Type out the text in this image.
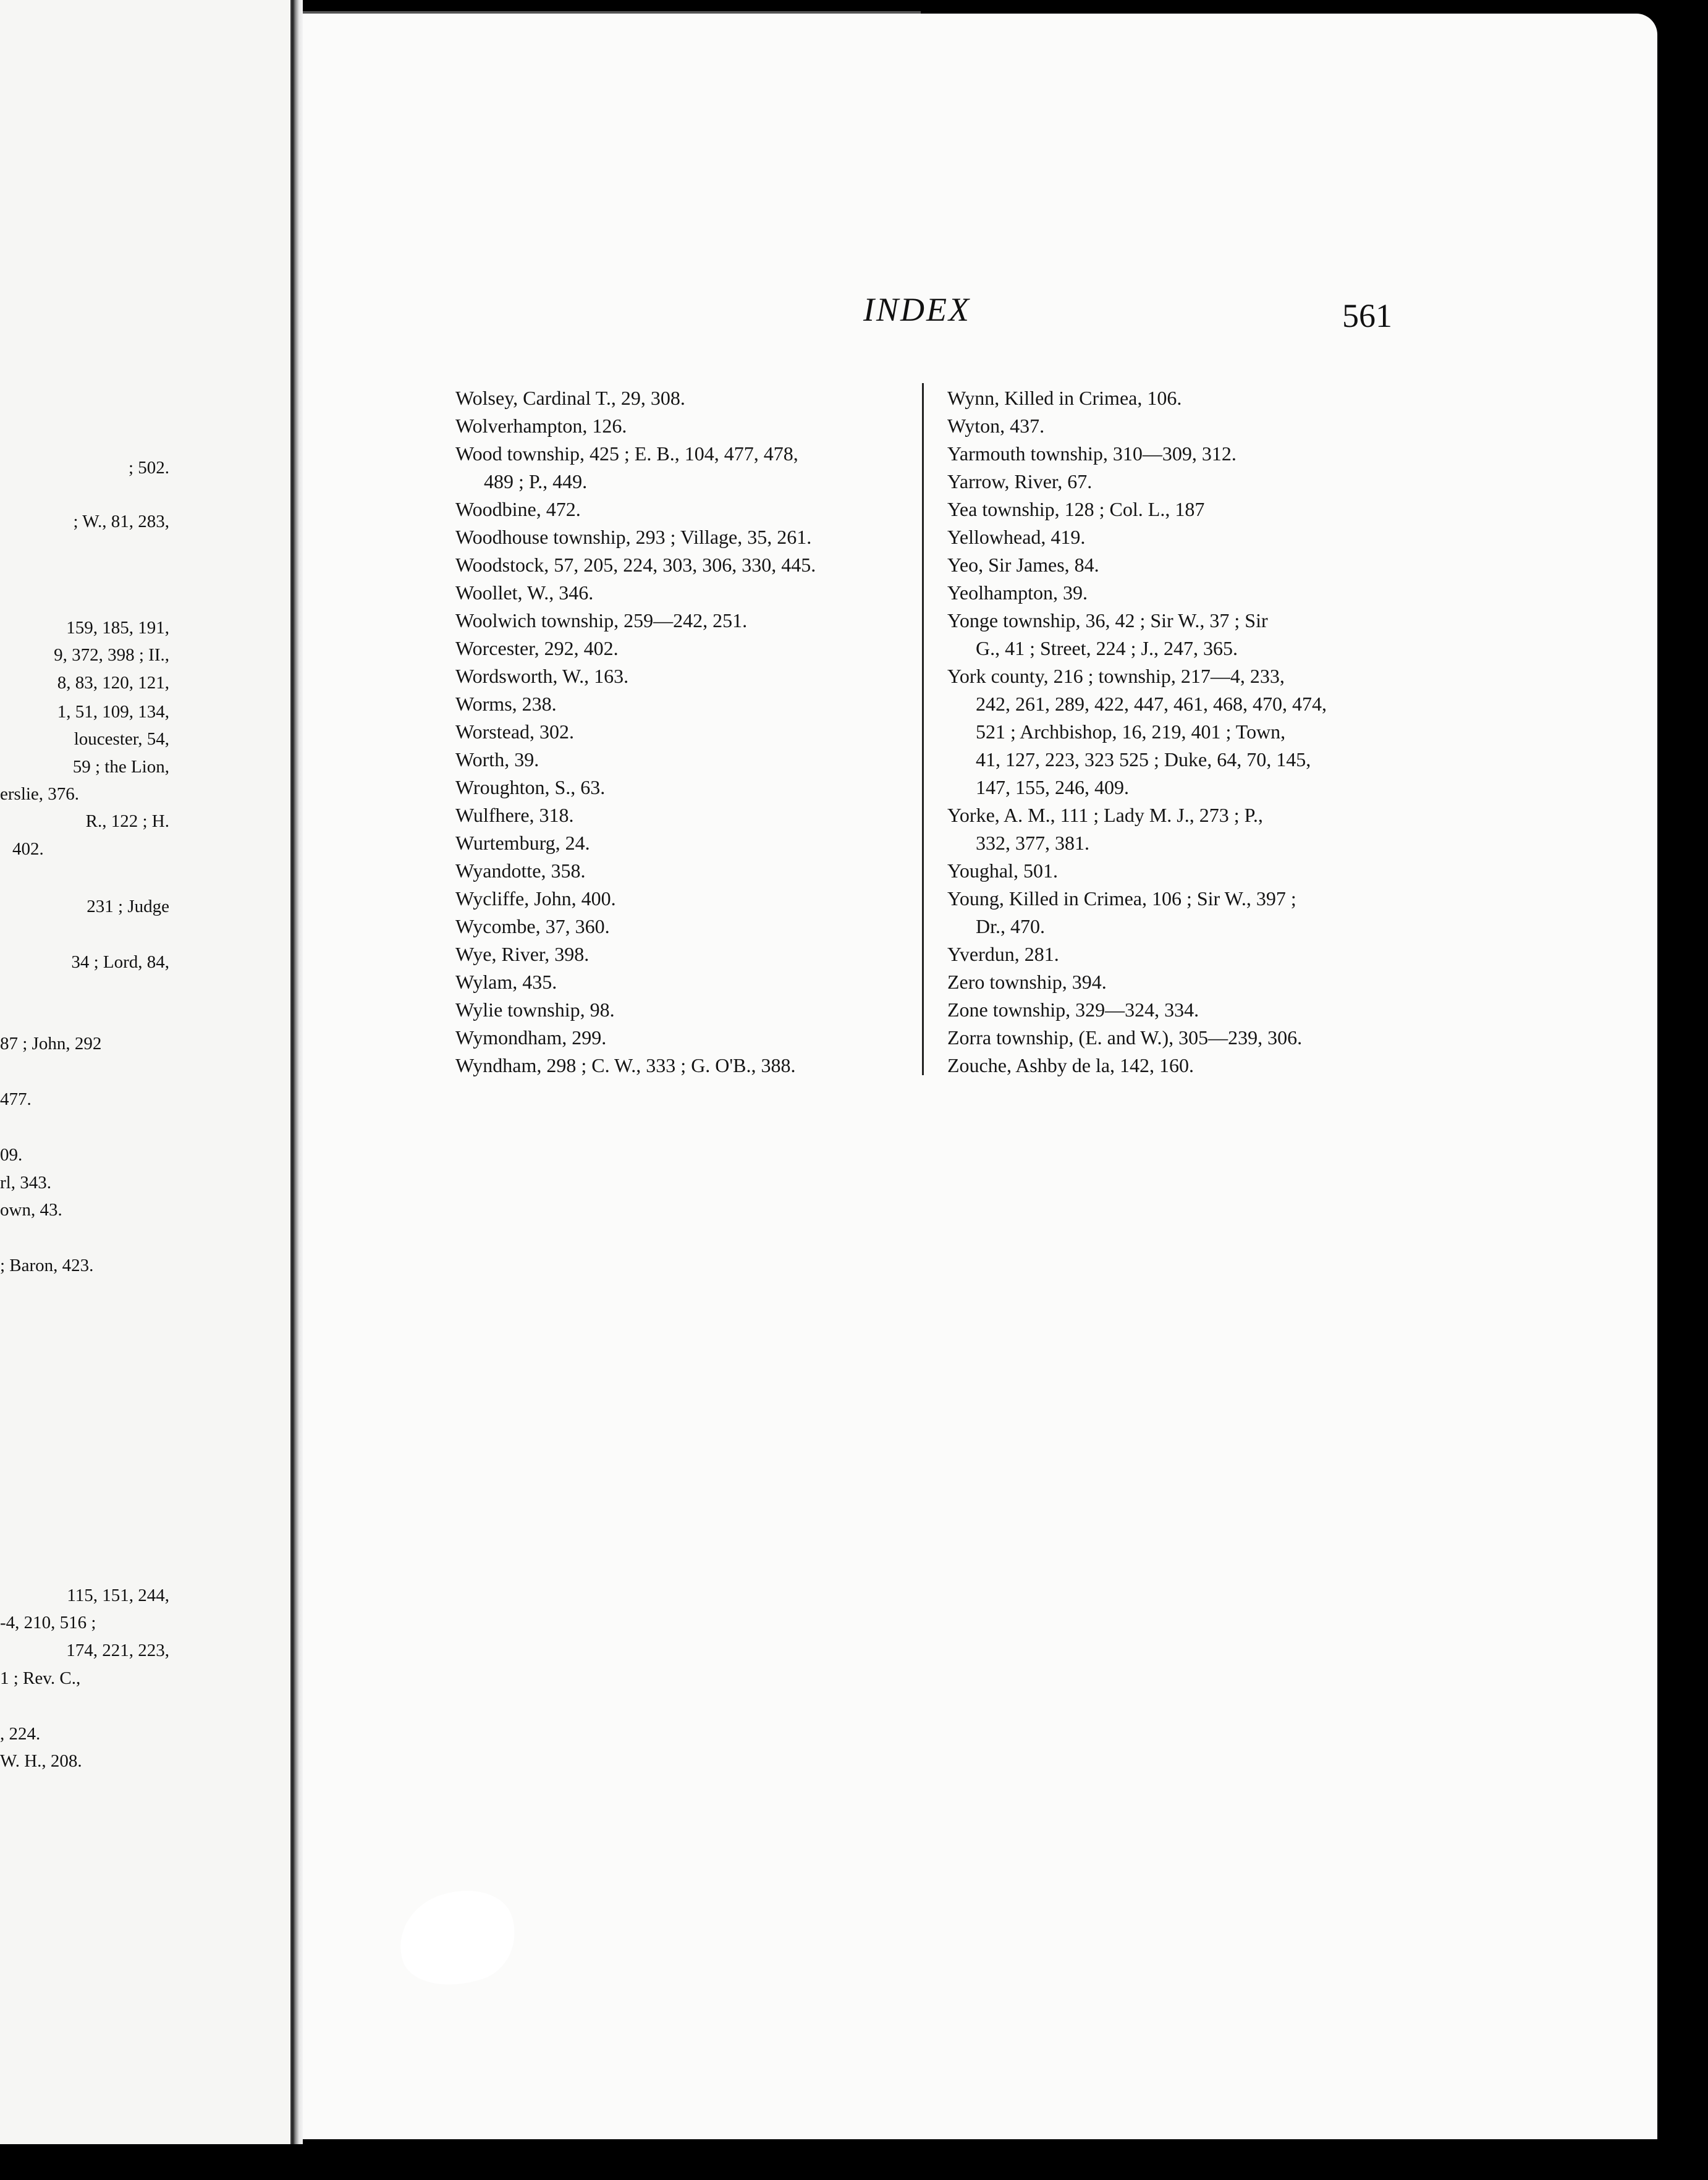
; 502.
; W., 81, 283,
159, 185, 191,
9, 372, 398 ; II.,
8, 83, 120, 121,
1, 51, 109, 134,
loucester, 54,
59 ; the Lion,
erslie, 376.
R., 122 ; H.
402.
231 ; Judge
34 ; Lord, 84,
87 ; John, 292
477.
09.
rl, 343.
own, 43.
; Baron, 423.
115, 151, 244,
-4, 210, 516 ;
174, 221, 223,
1 ; Rev. C.,
, 224.
W. H., 208.
INDEX	561
Wolsey, Cardinal T., 29, 308.
Wolverhampton, 126.
Wood township, 425 ; E. B., 104, 477, 478,
489 ; P., 449.
Woodbine, 472.
Woodhouse township, 293 ; Village, 35, 261.
Woodstock, 57, 205, 224, 303, 306, 330, 445.
Woollet, W., 346.
Woolwich township, 259—242, 251.
Worcester, 292, 402.
Wordsworth, W., 163.
Worms, 238.
Worstead, 302.
Worth, 39.
Wroughton, S., 63.
Wulfhere, 318.
Wurtemburg, 24.
Wyandotte, 358.
Wycliffe, John, 400.
Wycombe, 37, 360.
Wye, River, 398.
Wylam, 435.
Wylie township, 98.
Wymondham, 299.
Wyndham, 298 ; C. W., 333 ; G. O'B., 388.
Wynn, Killed in Crimea, 106.
Wyton, 437.
Yarmouth township, 310—309, 312.
Yarrow, River, 67.
Yea township, 128 ; Col. L., 187
Yellowhead, 419.
Yeo, Sir James, 84.
Yeolhampton, 39.
Yonge township, 36, 42 ; Sir W., 37 ; Sir
G., 41 ; Street, 224 ; J., 247, 365.
York county, 216 ; township, 217—4, 233,
242, 261, 289, 422, 447, 461, 468, 470, 474,
521 ; Archbishop, 16, 219, 401 ; Town,
41, 127, 223, 323 525 ; Duke, 64, 70, 145,
147, 155, 246, 409.
Yorke, A. M., 111 ; Lady M. J., 273 ; P.,
332, 377, 381.
Youghal, 501.
Young, Killed in Crimea, 106 ; Sir W., 397 ;
Dr., 470.
Yverdun, 281.
Zero township, 394.
Zone township, 329—324, 334.
Zorra township, (E. and W.), 305—239, 306.
Zouche, Ashby de la, 142, 160.
